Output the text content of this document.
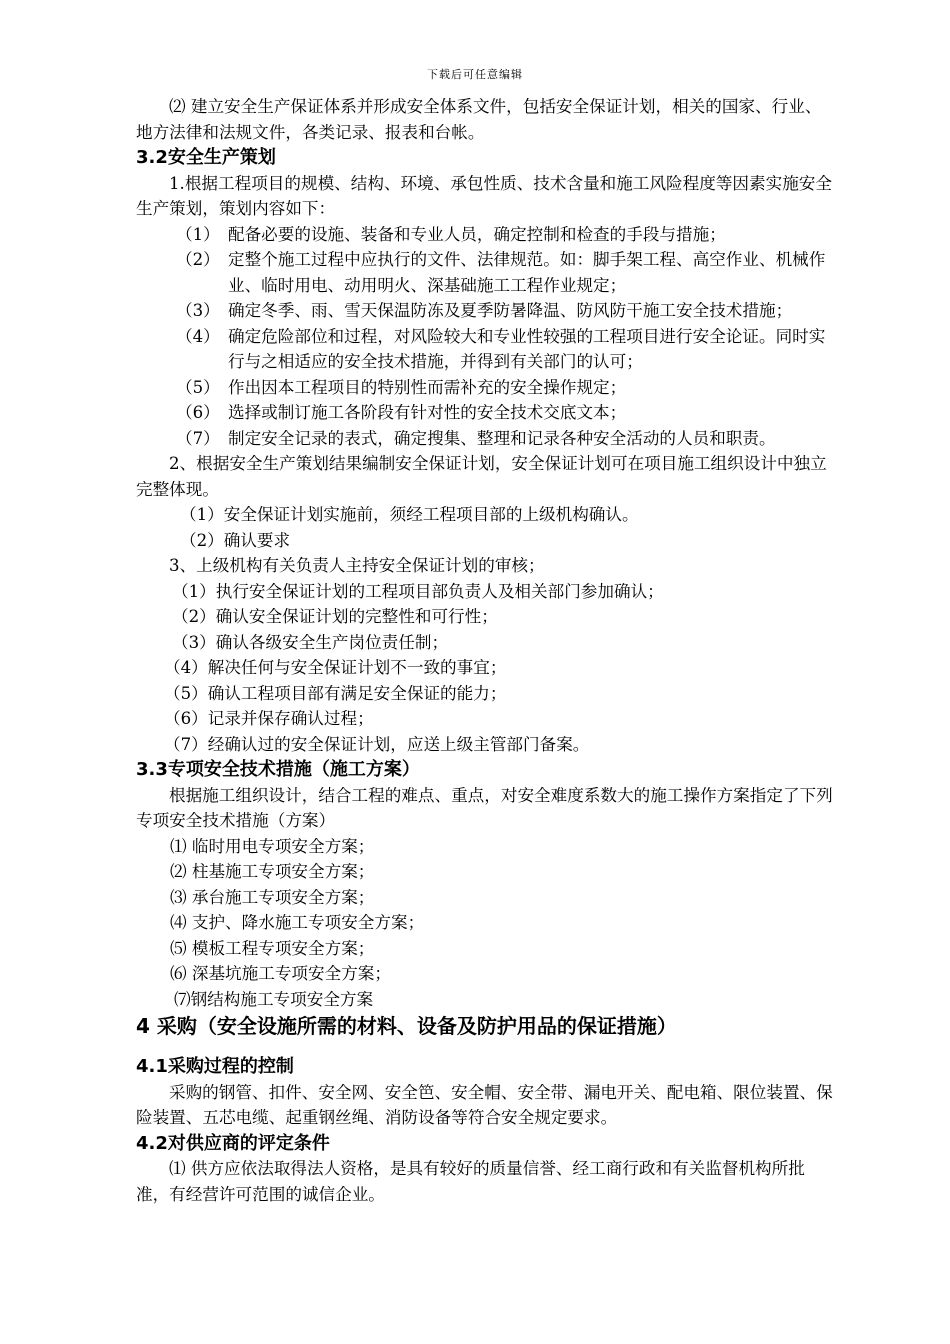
下载后可任意编辑

⑵ 建立安全生产保证体系并形成安全体系文件，包括安全保证计划，相关的国家、行业、地方法律和法规文件，各类记录、报表和台帐。

3.2安全生产策划

1.根据工程项目的规模、结构、环境、承包性质、技术含量和施工风险程度等因素实施安全生产策划，策划内容如下：

（1） 配备必要的设施、装备和专业人员，确定控制和检查的手段与措施；
（2） 定整个施工过程中应执行的文件、法律规范。如：脚手架工程、高空作业、机械作业、临时用电、动用明火、深基础施工工程作业规定；
（3） 确定冬季、雨、雪天保温防冻及夏季防暑降温、防风防干施工安全技术措施；
（4） 确定危险部位和过程，对风险较大和专业性较强的工程项目进行安全论证。同时实行与之相适应的安全技术措施，并得到有关部门的认可；
（5） 作出因本工程项目的特别性而需补充的安全操作规定；
（6） 选择或制订施工各阶段有针对性的安全技术交底文本；
（7） 制定安全记录的表式，确定搜集、整理和记录各种安全活动的人员和职责。

2、根据安全生产策划结果编制安全保证计划，安全保证计划可在项目施工组织设计中独立完整体现。

（1）安全保证计划实施前，须经工程项目部的上级机构确认。
（2）确认要求

3、上级机构有关负责人主持安全保证计划的审核；

（1）执行安全保证计划的工程项目部负责人及相关部门参加确认；
（2）确认安全保证计划的完整性和可行性；
（3）确认各级安全生产岗位责任制；
（4）解决任何与安全保证计划不一致的事宜；
（5）确认工程项目部有满足安全保证的能力；
（6）记录并保存确认过程；
（7）经确认过的安全保证计划，应送上级主管部门备案。
3.3专项安全技术措施（施工方案）

根据施工组织设计，结合工程的难点、重点，对安全难度系数大的施工操作方案指定了下列专项安全技术措施（方案）

⑴ 临时用电专项安全方案；
⑵ 柱基施工专项安全方案；
⑶ 承台施工专项安全方案；
⑷ 支护、降水施工专项安全方案；
⑸ 模板工程专项安全方案；
⑹ 深基坑施工专项安全方案；
⑺钢结构施工专项安全方案
4 采购（安全设施所需的材料、设备及防护用品的保证措施）
4.1采购过程的控制

采购的钢管、扣件、安全网、安全笆、安全帽、安全带、漏电开关、配电箱、限位装置、保险装置、五芯电缆、起重钢丝绳、消防设备等符合安全规定要求。

4.2对供应商的评定条件

⑴ 供方应依法取得法人资格，是具有较好的质量信誉、经工商行政和有关监督机构所批准，有经营许可范围的诚信企业。
